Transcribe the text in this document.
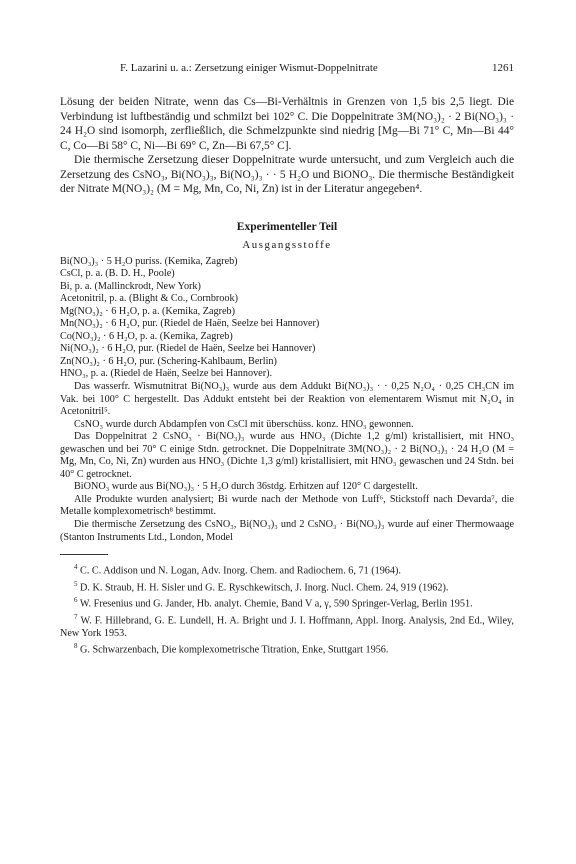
F. Lazarini u. a.: Zersetzung einiger Wismut-Doppelnitrate	1261

Lösung der beiden Nitrate, wenn das Cs—Bi-Verhältnis in Grenzen von 1,5 bis 2,5 liegt. Die Verbindung ist luftbeständig und schmilzt bei 102° C. Die Doppelnitrate 3M(NO₃)₂ · 2 Bi(NO₃)₃ · 24 H₂O sind isomorph, zerfließlich, die Schmelzpunkte sind niedrig [Mg—Bi 71° C, Mn—Bi 44° C, Co—Bi 58° C, Ni—Bi 69° C, Zn—Bi 67,5° C].

Die thermische Zersetzung dieser Doppelnitrate wurde untersucht, und zum Vergleich auch die Zersetzung des CsNO₃, Bi(NO₃)₃, Bi(NO₃)₃ · · 5 H₂O und BiONO₃. Die thermische Beständigkeit der Nitrate M(NO₃)₂ (M = Mg, Mn, Co, Ni, Zn) ist in der Literatur angegeben⁴.

Experimenteller Teil
Ausgangsstoffe
Bi(NO₃)₃ · 5 H₂O puriss. (Kemika, Zagreb)
CsCl, p. a. (B. D. H., Poole)
Bi, p. a. (Mallinckrodt, New York)
Acetonitril, p. a. (Blight & Co., Cornbrook)
Mg(NO₃)₂ · 6 H₂O, p. a. (Kemika, Zagreb)
Mn(NO₃)₂ · 6 H₂O, pur. (Riedel de Haën, Seelze bei Hannover)
Co(NO₃)₂ · 6 H₂O, p. a. (Kemika, Zagreb)
Ni(NO₃)₂ · 6 H₂O, pur. (Riedel de Haën, Seelze bei Hannover)
Zn(NO₃)₂ · 6 H₂O, pur. (Schering-Kahlbaum, Berlin)
HNO₃, p. a. (Riedel de Haën, Seelze bei Hannover).

Das wasserfr. Wismutnitrat Bi(NO₃)₃ wurde aus dem Addukt Bi(NO₃)₃ · · 0,25 N₂O₄ · 0,25 CH₃CN im Vak. bei 100° C hergestellt. Das Addukt entsteht bei der Reaktion von elementarem Wismut mit N₂O₄ in Acetonitril⁵.

CsNO₃ wurde durch Abdampfen von CsCl mit überschüss. konz. HNO₃ gewonnen.

Das Doppelnitrat 2 CsNO₃ · Bi(NO₃)₃ wurde aus HNO₃ (Dichte 1,2 g/ml) kristallisiert, mit HNO₃ gewaschen und bei 70° C einige Stdn. getrocknet. Die Doppelnitrate 3M(NO₃)₂ · 2 Bi(NO₃)₃ · 24 H₂O (M = Mg, Mn, Co, Ni, Zn) wurden aus HNO₃ (Dichte 1,3 g/ml) kristallisiert, mit HNO₃ gewaschen und 24 Stdn. bei 40° C getrocknet.

BiONO₃ wurde aus Bi(NO₃)₃ · 5 H₂O durch 36stdg. Erhitzen auf 120° C dargestellt.

Alle Produkte wurden analysiert; Bi wurde nach der Methode von Luff⁶, Stickstoff nach Devarda⁷, die Metalle komplexometrisch⁸ bestimmt.

Die thermische Zersetzung des CsNO₃, Bi(NO₃)₃ und 2 CsNO₃ · Bi(NO₃)₃ wurde auf einer Thermowaage (Stanton Instruments Ltd., London, Model

$^4$ C. C. Addison und N. Logan, Adv. Inorg. Chem. and Radiochem. 6, 71 (1964).

$^5$ D. K. Straub, H. H. Sisler und G. E. Ryschkewitsch, J. Inorg. Nucl. Chem. 24, 919 (1962).

$^6$ W. Fresenius und G. Jander, Hb. analyt. Chemie, Band V a, γ, 590 Springer-Verlag, Berlin 1951.

$^7$ W. F. Hillebrand, G. E. Lundell, H. A. Bright und J. I. Hoffmann, Appl. Inorg. Analysis, 2nd Ed., Wiley, New York 1953.

$^8$ G. Schwarzenbach, Die komplexometrische Titration, Enke, Stuttgart 1956.
